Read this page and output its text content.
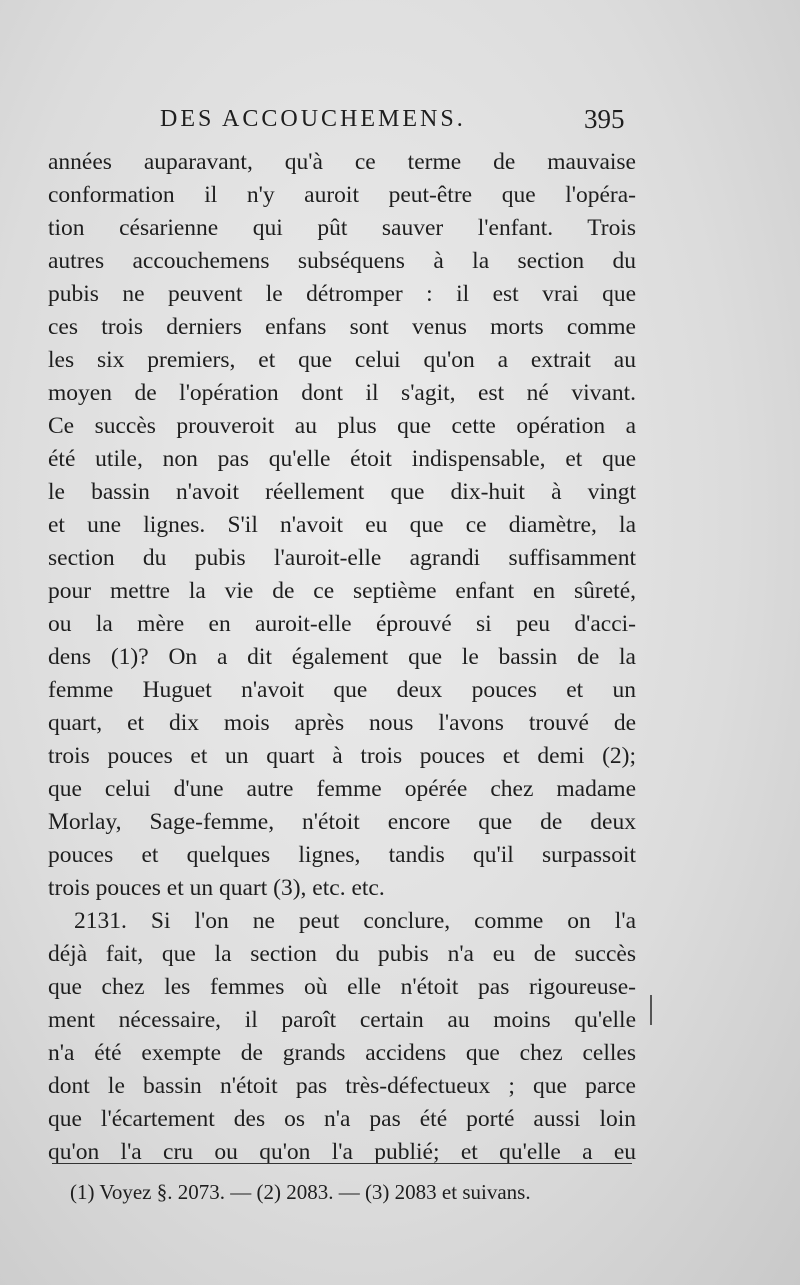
DES ACCOUCHEMENS.	395
années auparavant, qu'à ce terme de mauvaise
conformation il n'y auroit peut-être que l'opéra-
tion césarienne qui pût sauver l'enfant. Trois
autres accouchemens subséquens à la section du
pubis ne peuvent le détromper : il est vrai que
ces trois derniers enfans sont venus morts comme
les six premiers, et que celui qu'on a extrait au
moyen de l'opération dont il s'agit, est né vivant.
Ce succès prouveroit au plus que cette opération a
été utile, non pas qu'elle étoit indispensable, et que
le bassin n'avoit réellement que dix-huit à vingt
et une lignes. S'il n'avoit eu que ce diamètre, la
section du pubis l'auroit-elle agrandi suffisamment
pour mettre la vie de ce septième enfant en sûreté,
ou la mère en auroit-elle éprouvé si peu d'acci-
dens (1)? On a dit également que le bassin de la
femme Huguet n'avoit que deux pouces et un
quart, et dix mois après nous l'avons trouvé de
trois pouces et un quart à trois pouces et demi (2);
que celui d'une autre femme opérée chez madame
Morlay, Sage-femme, n'étoit encore que de deux
pouces et quelques lignes, tandis qu'il surpassoit
trois pouces et un quart (3), etc. etc.
2131. Si l'on ne peut conclure, comme on l'a
déjà fait, que la section du pubis n'a eu de succès
que chez les femmes où elle n'étoit pas rigoureuse-
ment nécessaire, il paroît certain au moins qu'elle
n'a été exempte de grands accidens que chez celles
dont le bassin n'étoit pas très-défectueux ; que parce
que l'écartement des os n'a pas été porté aussi loin
qu'on l'a cru ou qu'on l'a publié; et qu'elle a eu
(1) Voyez §. 2073. — (2) 2083. — (3) 2083 et suivans.
